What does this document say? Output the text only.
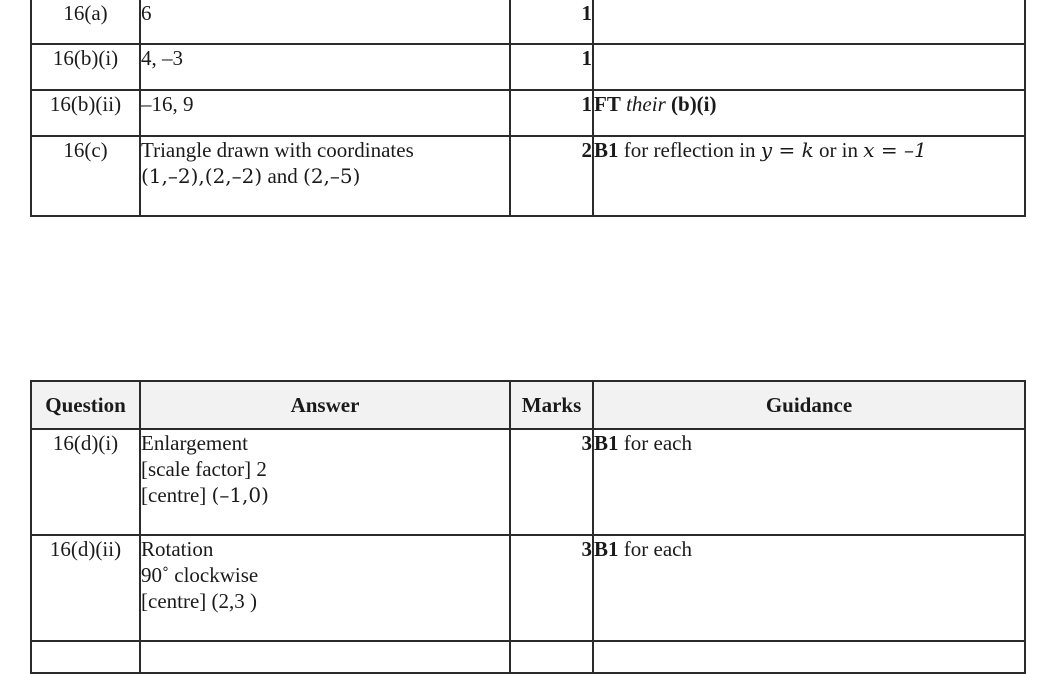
16(a)	6	1	
16(b)(i)	4, –3	1	
16(b)(ii)	–16, 9	1	FT their (b)(i)
16(c)	Triangle drawn with coordinates
(1,–2),(2,–2) and (2,–5)	2	B1 for reflection in y = k or in x = –1
Question	Answer	Marks	Guidance
16(d)(i)	Enlargement
[scale factor] 2
[centre] (–1,0)	3	B1 for each
16(d)(ii)	Rotation
90˚ clockwise
[centre] (2,3 )	3	B1 for each
